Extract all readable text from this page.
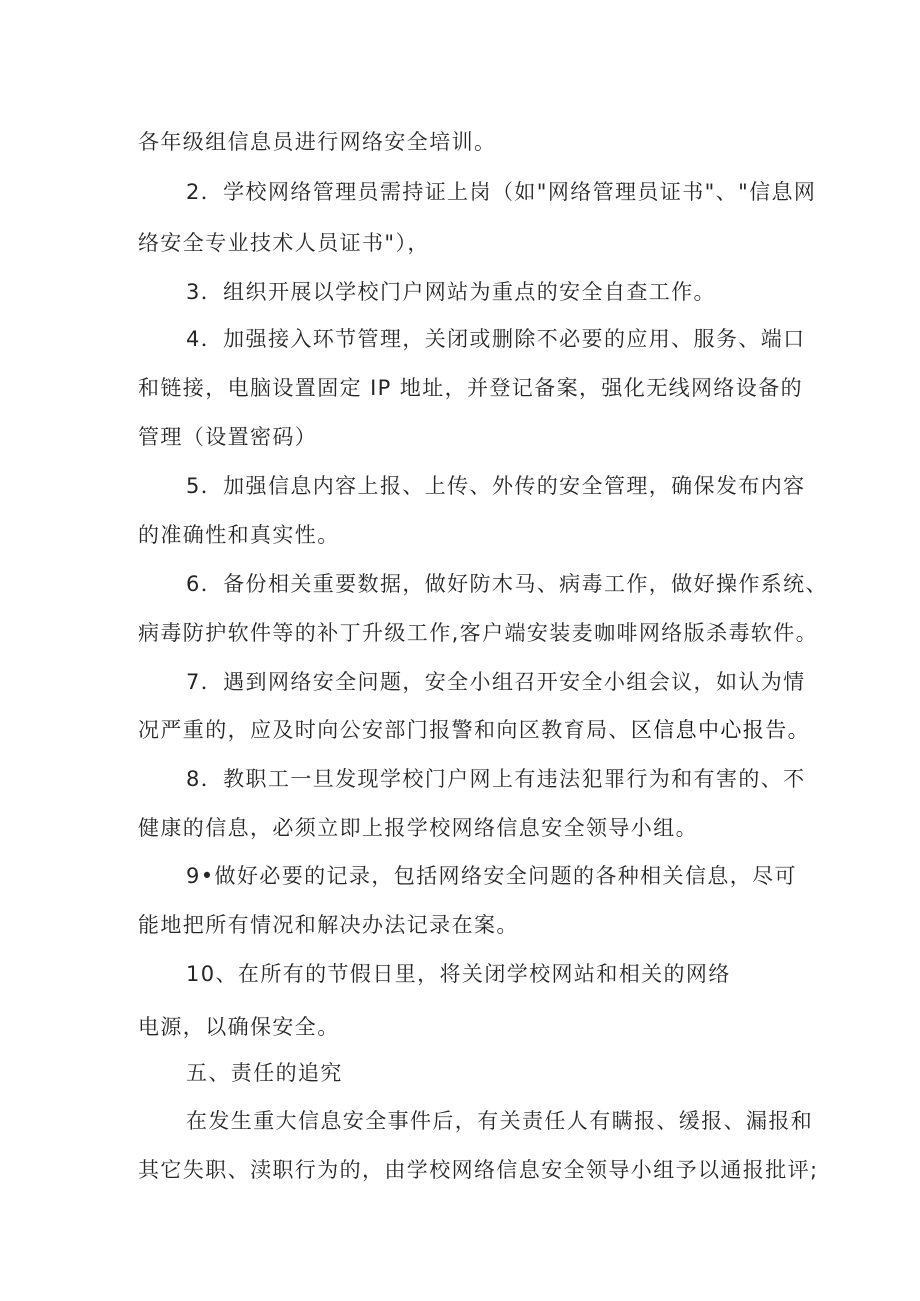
各年级组信息员进行网络安全培训。
2．学校网络管理员需持证上岗（如"网络管理员证书"、"信息网
络安全专业技术人员证书"），
3．组织开展以学校门户网站为重点的安全自查工作。
4．加强接入环节管理，关闭或删除不必要的应用、服务、端口
和链接，电脑设置固定 IP 地址，并登记备案，强化无线网络设备的
管理（设置密码）
5．加强信息内容上报、上传、外传的安全管理，确保发布内容
的准确性和真实性。
6．备份相关重要数据，做好防木马、病毒工作，做好操作系统、
病毒防护软件等的补丁升级工作,客户端安装麦咖啡网络版杀毒软件。
7．遇到网络安全问题，安全小组召开安全小组会议，如认为情
况严重的，应及时向公安部门报警和向区教育局、区信息中心报告。
8．教职工一旦发现学校门户网上有违法犯罪行为和有害的、不
健康的信息，必须立即上报学校网络信息安全领导小组。
9•做好必要的记录，包括网络安全问题的各种相关信息，尽可
能地把所有情况和解决办法记录在案。
10、在所有的节假日里，将关闭学校网站和相关的网络
电源，以确保安全。
五、责任的追究
在发生重大信息安全事件后，有关责任人有瞒报、缓报、漏报和
其它失职、渎职行为的，由学校网络信息安全领导小组予以通报批评;
